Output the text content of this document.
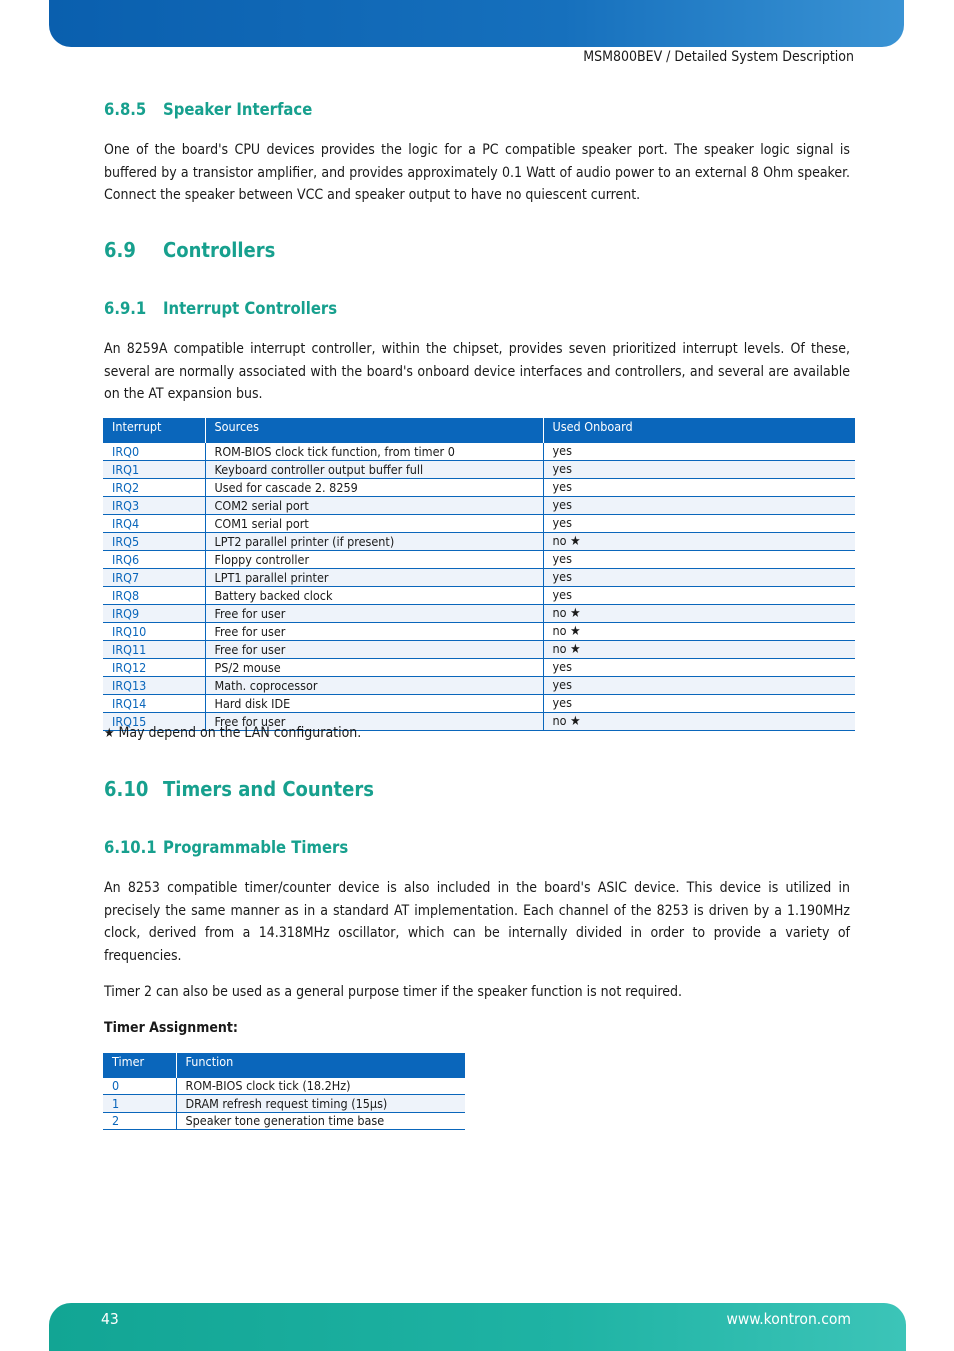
MSM800BEV / Detailed System Description
6.8.5 Speaker Interface

One of the board's CPU devices provides the logic for a PC compatible speaker port. The speaker logic signal is buffered by a transistor amplifier, and provides approximately 0.1 Watt of audio power to an external 8 Ohm speaker. Connect the speaker between VCC and speaker output to have no quiescent current.

6.9 Controllers
6.9.1 Interrupt Controllers

An 8259A compatible interrupt controller, within the chipset, provides seven prioritized interrupt levels. Of these, several are normally associated with the board's onboard device interfaces and controllers, and several are available on the AT expansion bus.

Interrupt	Sources	Used Onboard
IRQ0	ROM-BIOS clock tick function, from timer 0	yes
IRQ1	Keyboard controller output buffer full	yes
IRQ2	Used for cascade 2. 8259	yes
IRQ3	COM2 serial port	yes
IRQ4	COM1 serial port	yes
IRQ5	LPT2 parallel printer (if present)	no ★
IRQ6	Floppy controller	yes
IRQ7	LPT1 parallel printer	yes
IRQ8	Battery backed clock	yes
IRQ9	Free for user	no ★
IRQ10	Free for user	no ★
IRQ11	Free for user	no ★
IRQ12	PS/2 mouse	yes
IRQ13	Math. coprocessor	yes
IRQ14	Hard disk IDE	yes
IRQ15	Free for user	no ★
★ May depend on the LAN configuration.
6.10 Timers and Counters
6.10.1 Programmable Timers

An 8253 compatible timer/counter device is also included in the board's ASIC device. This device is utilized in precisely the same manner as in a standard AT implementation. Each channel of the 8253 is driven by a 1.190MHz clock, derived from a 14.318MHz oscillator, which can be internally divided in order to provide a variety of frequencies.

Timer 2 can also be used as a general purpose timer if the speaker function is not required.

Timer Assignment:
Timer	Function
0	ROM-BIOS clock tick (18.2Hz)
1	DRAM refresh request timing (15µs)
2	Speaker tone generation time base
43	www.kontron.com
